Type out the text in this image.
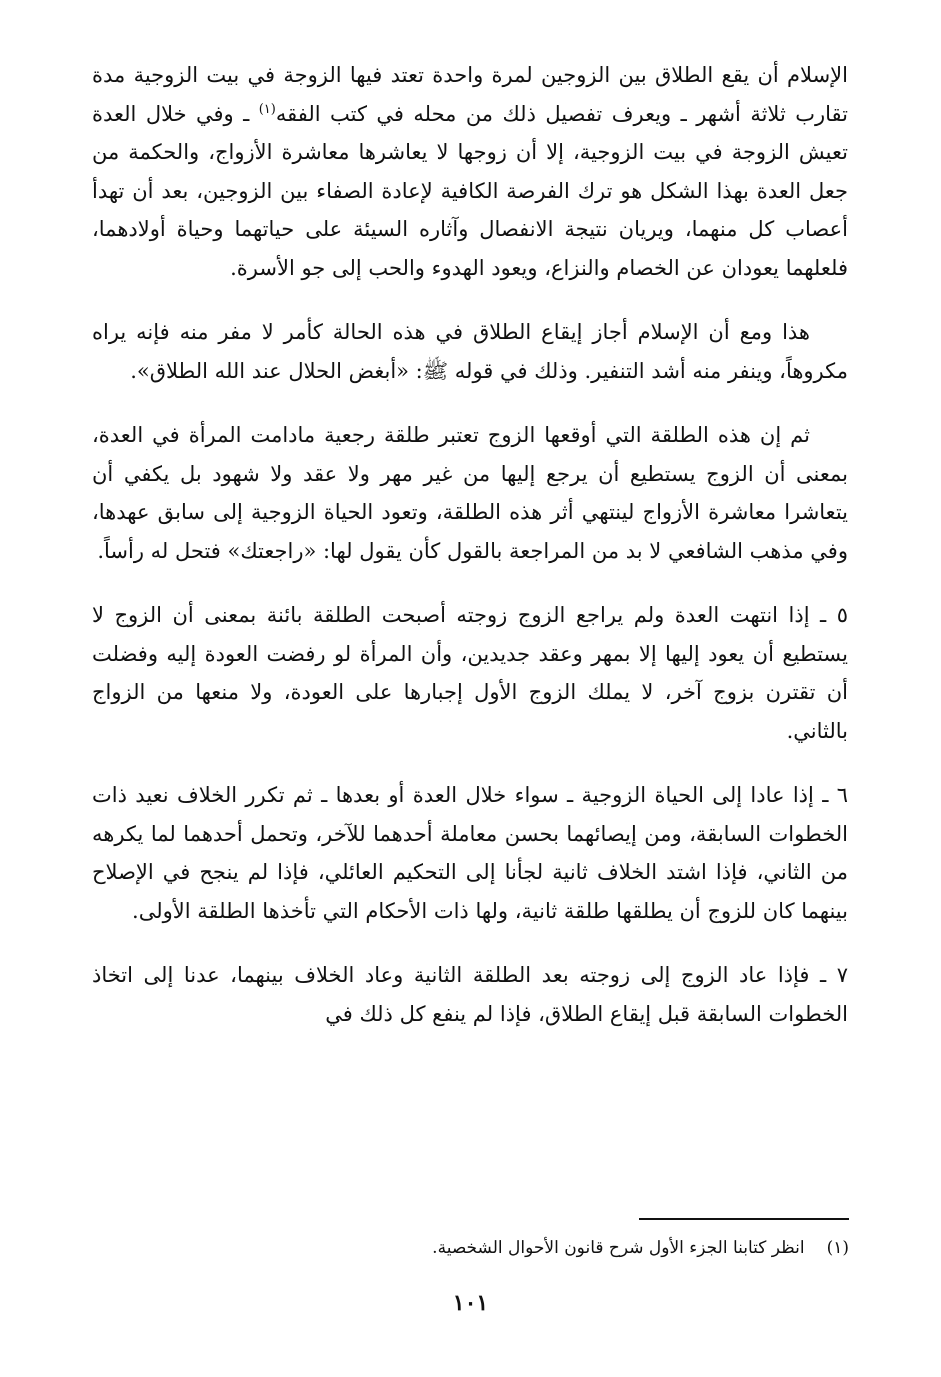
الإسلام أن يقع الطلاق بين الزوجين لمرة واحدة تعتد فيها الزوجة في بيت الزوجية مدة تقارب ثلاثة أشهر ـ ويعرف تفصيل ذلك من محله في كتب الفقه$^{(١)}$ ـ وفي خلال العدة تعيش الزوجة في بيت الزوجية، إلا أن زوجها لا يعاشرها معاشرة الأزواج، والحكمة من جعل العدة بهذا الشكل هو ترك الفرصة الكافية لإعادة الصفاء بين الزوجين، بعد أن تهدأ أعصاب كل منهما، ويريان نتيجة الانفصال وآثاره السيئة على حياتهما وحياة أولادهما، فلعلهما يعودان عن الخصام والنزاع، ويعود الهدوء والحب إلى جو الأسرة.

هذا ومع أن الإسلام أجاز إيقاع الطلاق في هذه الحالة كأمر لا مفر منه فإنه يراه مكروهاً، وينفر منه أشد التنفير. وذلك في قوله ﷺ: «أبغض الحلال عند الله الطلاق».

ثم إن هذه الطلقة التي أوقعها الزوج تعتبر طلقة رجعية مادامت المرأة في العدة، بمعنى أن الزوج يستطيع أن يرجع إليها من غير مهر ولا عقد ولا شهود بل يكفي أن يتعاشرا معاشرة الأزواج لينتهي أثر هذه الطلقة، وتعود الحياة الزوجية إلى سابق عهدها، وفي مذهب الشافعي لا بد من المراجعة بالقول كأن يقول لها: «راجعتك» فتحل له رأساً.

٥ ـ إذا انتهت العدة ولم يراجع الزوج زوجته أصبحت الطلقة بائنة بمعنى أن الزوج لا يستطيع أن يعود إليها إلا بمهر وعقد جديدين، وأن المرأة لو رفضت العودة إليه وفضلت أن تقترن بزوج آخر، لا يملك الزوج الأول إجبارها على العودة، ولا منعها من الزواج بالثاني.

٦ ـ إذا عادا إلى الحياة الزوجية ـ سواء خلال العدة أو بعدها ـ ثم تكرر الخلاف نعيد ذات الخطوات السابقة، ومن إيصائهما بحسن معاملة أحدهما للآخر، وتحمل أحدهما لما يكرهه من الثاني، فإذا اشتد الخلاف ثانية لجأنا إلى التحكيم العائلي، فإذا لم ينجح في الإصلاح بينهما كان للزوج أن يطلقها طلقة ثانية، ولها ذات الأحكام التي تأخذها الطلقة الأولى.

٧ ـ فإذا عاد الزوج إلى زوجته بعد الطلقة الثانية وعاد الخلاف بينهما، عدنا إلى اتخاذ الخطوات السابقة قبل إيقاع الطلاق، فإذا لم ينفع كل ذلك في

(١)انظر كتابنا الجزء الأول شرح قانون الأحوال الشخصية.

١٠١
